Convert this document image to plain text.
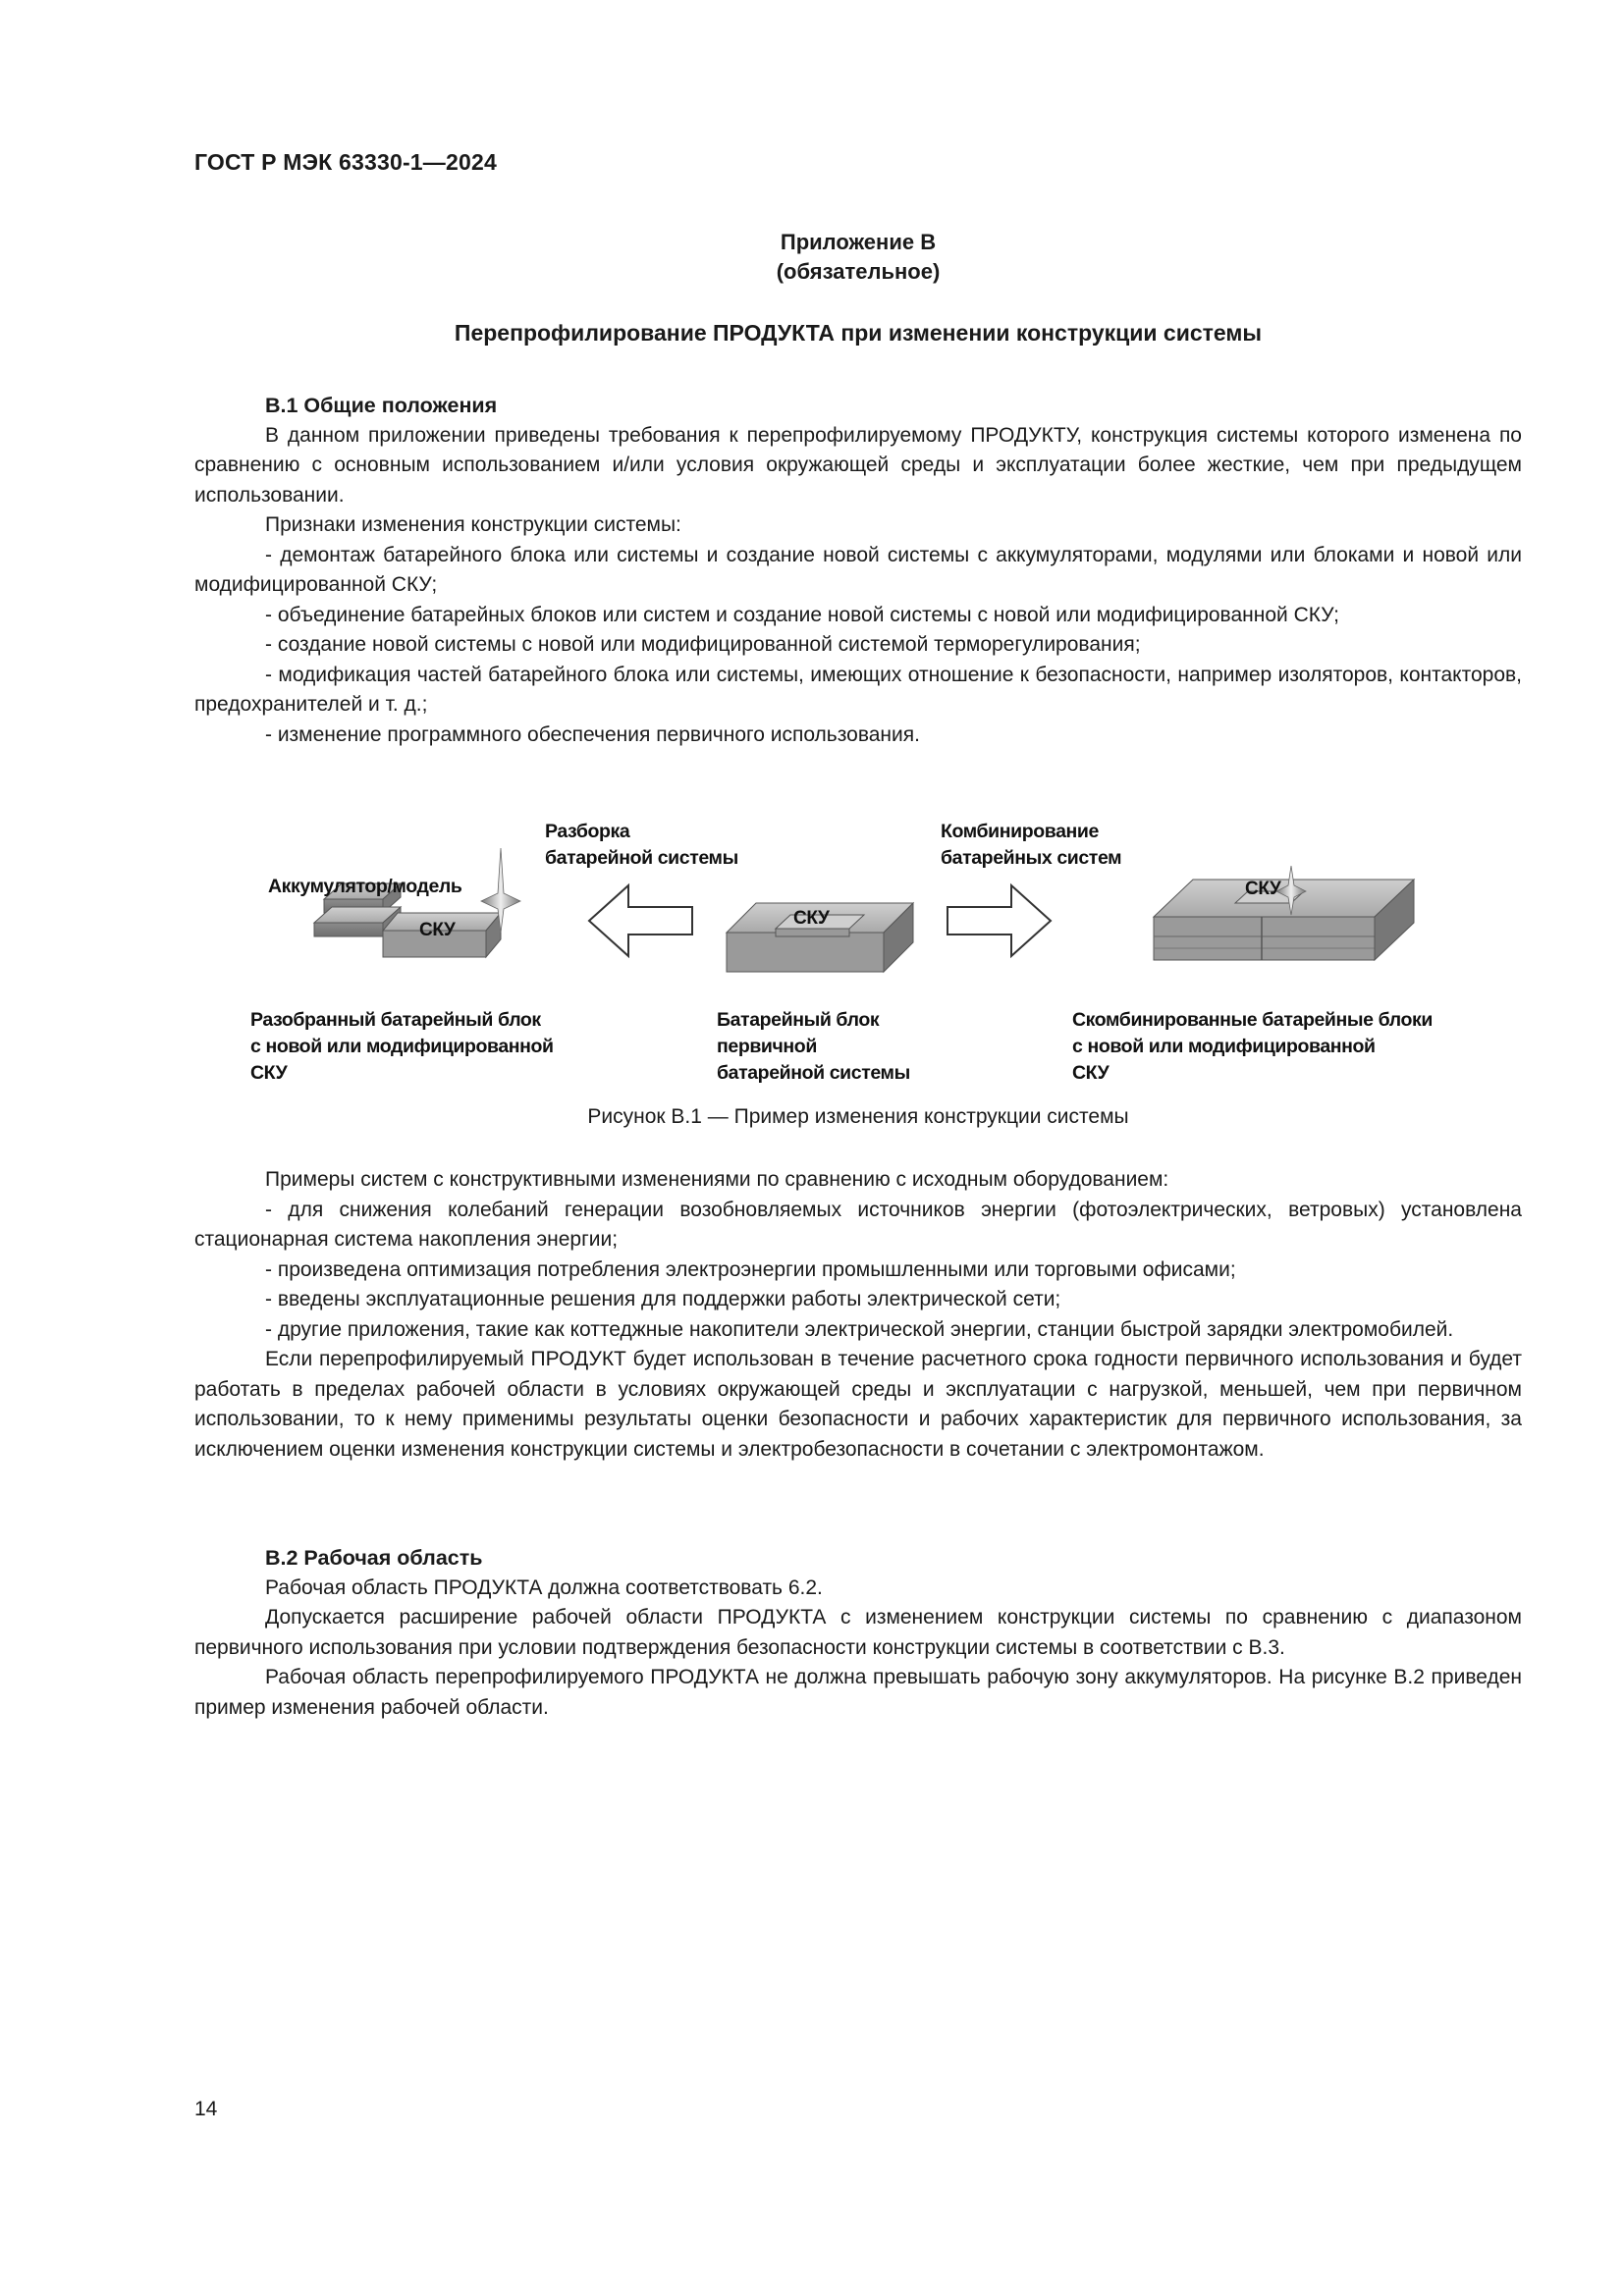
ГОСТ Р МЭК 63330-1—2024
Приложение В
(обязательное)
Перепрофилирование ПРОДУКТА при изменении конструкции системы

В.1 Общие положения

В данном приложении приведены требования к перепрофилируемому ПРОДУКТУ, конструкция системы которого изменена по сравнению с основным использованием и/или условия окружающей среды и эксплуатации более жесткие, чем при предыдущем использовании.

Признаки изменения конструкции системы:

- демонтаж батарейного блока или системы и создание новой системы с аккумуляторами, модулями или блоками и новой или модифицированной СКУ;

- объединение батарейных блоков или систем и создание новой системы с новой или модифицированной СКУ;

- создание новой системы с новой или модифицированной системой терморегулирования;

- модификация частей батарейного блока или системы, имеющих отношение к безопасности, например изоляторов, контакторов, предохранителей и т. д.;

- изменение программного обеспечения первичного использования.

Разборка
батарейной системы
Комбинирование
батарейных систем
Аккумулятор/модель
СКУ
СКУ
СКУ
Разобранный батарейный блок
с новой или модифицированной
СКУ
Батарейный блок
первичной
батарейной системы
Скомбинированные батарейные блоки
с новой или модифицированной
СКУ
Рисунок В.1 — Пример изменения конструкции системы

Примеры систем с конструктивными изменениями по сравнению с исходным оборудованием:

- для снижения колебаний генерации возобновляемых источников энергии (фотоэлектрических, ветровых) установлена стационарная система накопления энергии;

- произведена оптимизация потребления электроэнергии промышленными или торговыми офисами;

- введены эксплуатационные решения для поддержки работы электрической сети;

- другие приложения, такие как коттеджные накопители электрической энергии, станции быстрой зарядки электромобилей.

Если перепрофилируемый ПРОДУКТ будет использован в течение расчетного срока годности первичного использования и будет работать в пределах рабочей области в условиях окружающей среды и эксплуатации с нагрузкой, меньшей, чем при первичном использовании, то к нему применимы результаты оценки безопасности и рабочих характеристик для первичного использования, за исключением оценки изменения конструкции системы и электробезопасности в сочетании с электромонтажом.

В.2 Рабочая область

Рабочая область ПРОДУКТА должна соответствовать 6.2.

Допускается расширение рабочей области ПРОДУКТА с изменением конструкции системы по сравнению с диапазоном первичного использования при условии подтверждения безопасности конструкции системы в соответствии с В.3.

Рабочая область перепрофилируемого ПРОДУКТА не должна превышать рабочую зону аккумуляторов. На рисунке В.2 приведен пример изменения рабочей области.

14
